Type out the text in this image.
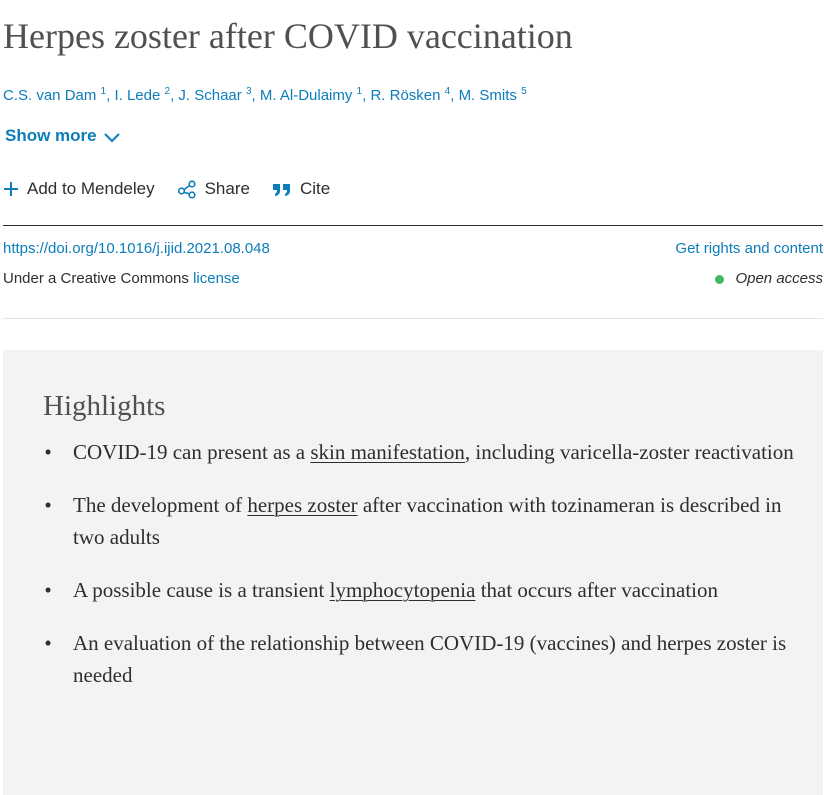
Herpes zoster after COVID vaccination
C.S. van Dam $^1$, I. Lede $^2$, J. Schaar $^3$, M. Al-Dulaimy $^1$, R. Rösken $^4$, M. Smits $^5$
Show more
Add to Mendeley	Share	Cite
https://doi.org/10.1016/j.ijid.2021.08.048	Get rights and content
Under a Creative Commons license	Open access
Highlights
• COVID-19 can present as a skin manifestation, including varicella-zoster reactivation
• The development of herpes zoster after vaccination with tozinameran is described in two adults
• A possible cause is a transient lymphocytopenia that occurs after vaccination
• An evaluation of the relationship between COVID-19 (vaccines) and herpes zoster is needed
